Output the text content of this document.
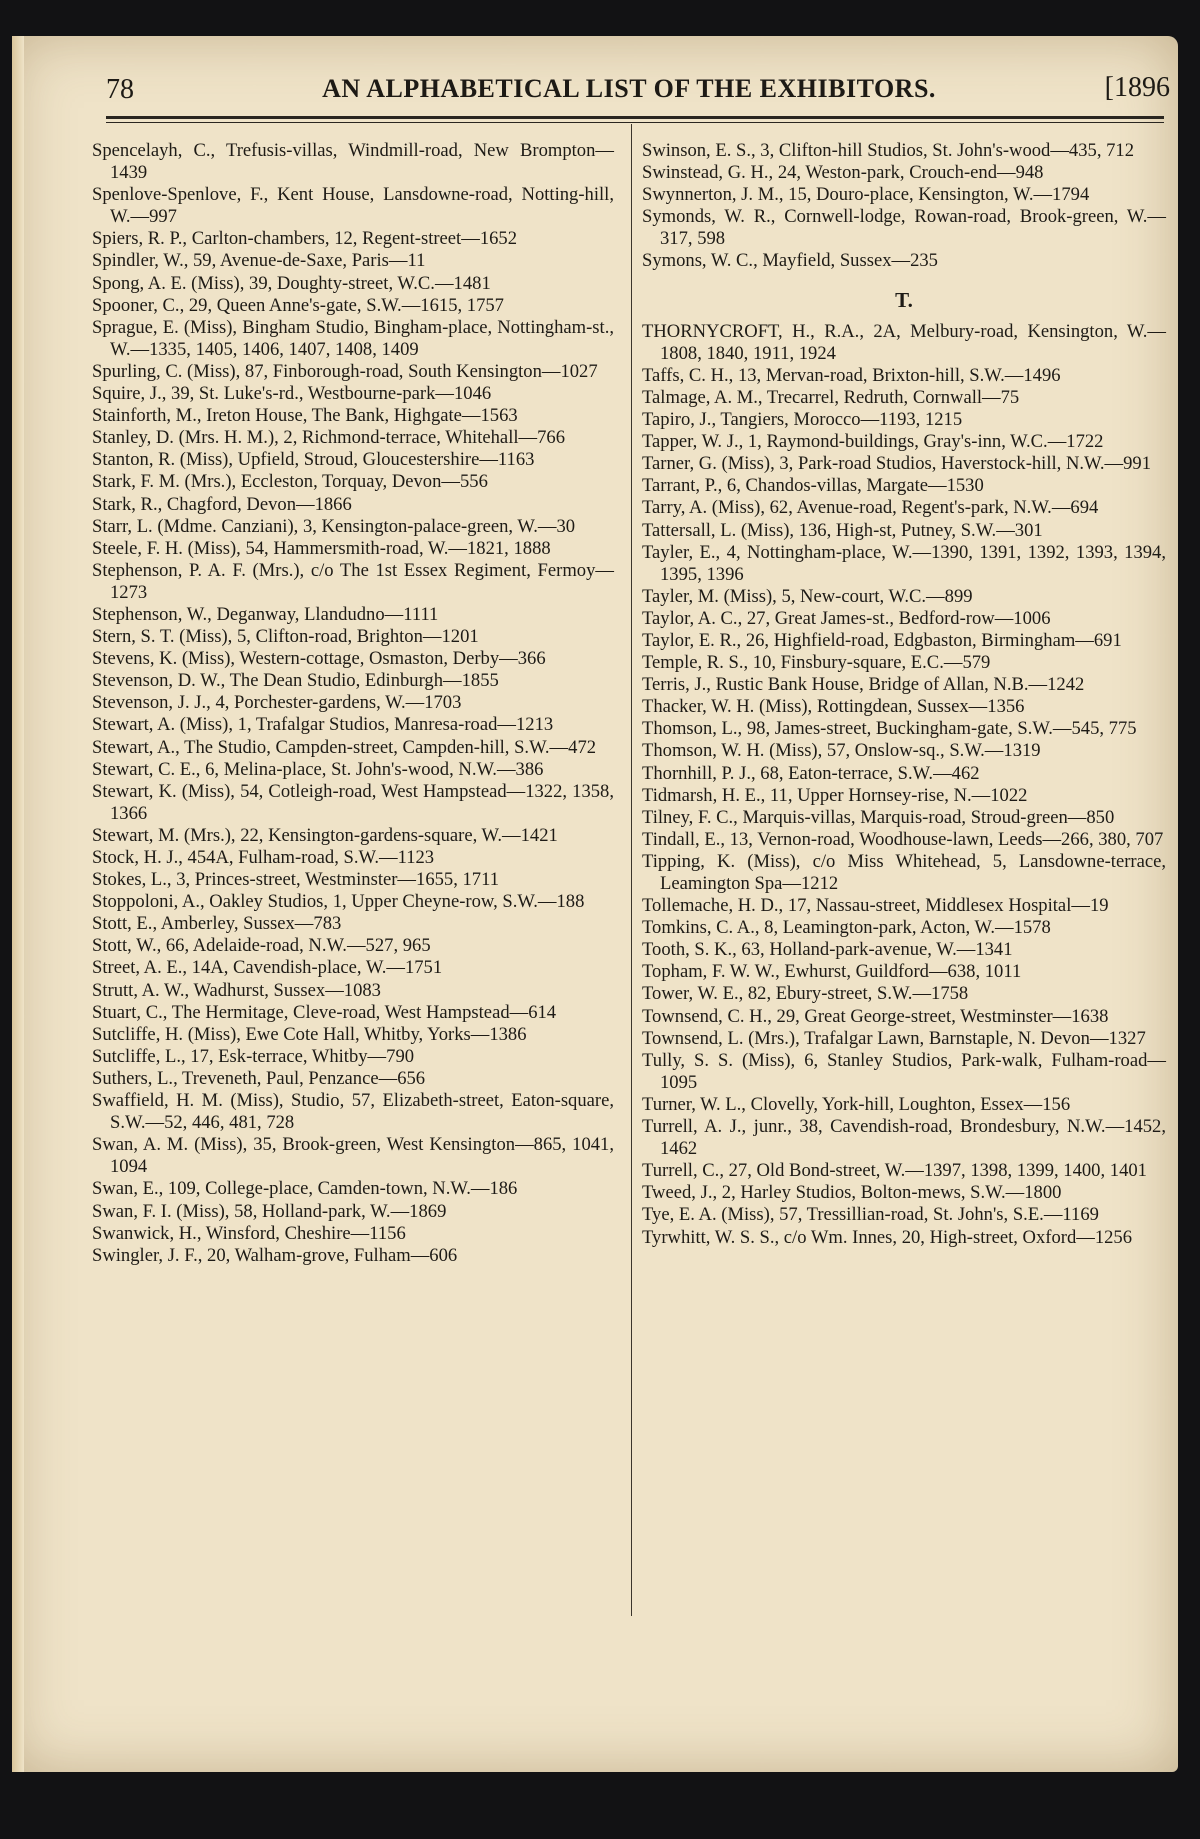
78	AN ALPHABETICAL LIST OF THE EXHIBITORS.	[1896
Spencelayh, C., Trefusis-villas, Windmill-road, New Brompton—1439
Spenlove-Spenlove, F., Kent House, Lansdowne-road, Notting-hill, W.—997
Spiers, R. P., Carlton-chambers, 12, Regent-street—1652
Spindler, W., 59, Avenue-de-Saxe, Paris—11
Spong, A. E. (Miss), 39, Doughty-street, W.C.—1481
Spooner, C., 29, Queen Anne's-gate, S.W.—1615, 1757
Sprague, E. (Miss), Bingham Studio, Bingham-place, Nottingham-st., W.—1335, 1405, 1406, 1407, 1408, 1409
Spurling, C. (Miss), 87, Finborough-road, South Kensington—1027
Squire, J., 39, St. Luke's-rd., Westbourne-park—1046
Stainforth, M., Ireton House, The Bank, Highgate—1563
Stanley, D. (Mrs. H. M.), 2, Richmond-terrace, Whitehall—766
Stanton, R. (Miss), Upfield, Stroud, Gloucestershire—1163
Stark, F. M. (Mrs.), Eccleston, Torquay, Devon—556
Stark, R., Chagford, Devon—1866
Starr, L. (Mdme. Canziani), 3, Kensington-palace-green, W.—30
Steele, F. H. (Miss), 54, Hammersmith-road, W.—1821, 1888
Stephenson, P. A. F. (Mrs.), c/o The 1st Essex Regiment, Fermoy—1273
Stephenson, W., Deganway, Llandudno—1111
Stern, S. T. (Miss), 5, Clifton-road, Brighton—1201
Stevens, K. (Miss), Western-cottage, Osmaston, Derby—366
Stevenson, D. W., The Dean Studio, Edinburgh—1855
Stevenson, J. J., 4, Porchester-gardens, W.—1703
Stewart, A. (Miss), 1, Trafalgar Studios, Manresa-road—1213
Stewart, A., The Studio, Campden-street, Campden-hill, S.W.—472
Stewart, C. E., 6, Melina-place, St. John's-wood, N.W.—386
Stewart, K. (Miss), 54, Cotleigh-road, West Hampstead—1322, 1358, 1366
Stewart, M. (Mrs.), 22, Kensington-gardens-square, W.—1421
Stock, H. J., 454A, Fulham-road, S.W.—1123
Stokes, L., 3, Princes-street, Westminster—1655, 1711
Stoppoloni, A., Oakley Studios, 1, Upper Cheyne-row, S.W.—188
Stott, E., Amberley, Sussex—783
Stott, W., 66, Adelaide-road, N.W.—527, 965
Street, A. E., 14A, Cavendish-place, W.—1751
Strutt, A. W., Wadhurst, Sussex—1083
Stuart, C., The Hermitage, Cleve-road, West Hampstead—614
Sutcliffe, H. (Miss), Ewe Cote Hall, Whitby, Yorks—1386
Sutcliffe, L., 17, Esk-terrace, Whitby—790
Suthers, L., Treveneth, Paul, Penzance—656
Swaffield, H. M. (Miss), Studio, 57, Elizabeth-street, Eaton-square, S.W.—52, 446, 481, 728
Swan, A. M. (Miss), 35, Brook-green, West Kensington—865, 1041, 1094
Swan, E., 109, College-place, Camden-town, N.W.—186
Swan, F. I. (Miss), 58, Holland-park, W.—1869
Swanwick, H., Winsford, Cheshire—1156
Swingler, J. F., 20, Walham-grove, Fulham—606
Swinson, E. S., 3, Clifton-hill Studios, St. John's-wood—435, 712
Swinstead, G. H., 24, Weston-park, Crouch-end—948
Swynnerton, J. M., 15, Douro-place, Kensington, W.—1794
Symonds, W. R., Cornwell-lodge, Rowan-road, Brook-green, W.—317, 598
Symons, W. C., Mayfield, Sussex—235
T.
THORNYCROFT, H., R.A., 2A, Melbury-road, Kensington, W.—1808, 1840, 1911, 1924
Taffs, C. H., 13, Mervan-road, Brixton-hill, S.W.—1496
Talmage, A. M., Trecarrel, Redruth, Cornwall—75
Tapiro, J., Tangiers, Morocco—1193, 1215
Tapper, W. J., 1, Raymond-buildings, Gray's-inn, W.C.—1722
Tarner, G. (Miss), 3, Park-road Studios, Haverstock-hill, N.W.—991
Tarrant, P., 6, Chandos-villas, Margate—1530
Tarry, A. (Miss), 62, Avenue-road, Regent's-park, N.W.—694
Tattersall, L. (Miss), 136, High-st, Putney, S.W.—301
Tayler, E., 4, Nottingham-place, W.—1390, 1391, 1392, 1393, 1394, 1395, 1396
Tayler, M. (Miss), 5, New-court, W.C.—899
Taylor, A. C., 27, Great James-st., Bedford-row—1006
Taylor, E. R., 26, Highfield-road, Edgbaston, Birmingham—691
Temple, R. S., 10, Finsbury-square, E.C.—579
Terris, J., Rustic Bank House, Bridge of Allan, N.B.—1242
Thacker, W. H. (Miss), Rottingdean, Sussex—1356
Thomson, L., 98, James-street, Buckingham-gate, S.W.—545, 775
Thomson, W. H. (Miss), 57, Onslow-sq., S.W.—1319
Thornhill, P. J., 68, Eaton-terrace, S.W.—462
Tidmarsh, H. E., 11, Upper Hornsey-rise, N.—1022
Tilney, F. C., Marquis-villas, Marquis-road, Stroud-green—850
Tindall, E., 13, Vernon-road, Woodhouse-lawn, Leeds—266, 380, 707
Tipping, K. (Miss), c/o Miss Whitehead, 5, Lansdowne-terrace, Leamington Spa—1212
Tollemache, H. D., 17, Nassau-street, Middlesex Hospital—19
Tomkins, C. A., 8, Leamington-park, Acton, W.—1578
Tooth, S. K., 63, Holland-park-avenue, W.—1341
Topham, F. W. W., Ewhurst, Guildford—638, 1011
Tower, W. E., 82, Ebury-street, S.W.—1758
Townsend, C. H., 29, Great George-street, Westminster—1638
Townsend, L. (Mrs.), Trafalgar Lawn, Barnstaple, N. Devon—1327
Tully, S. S. (Miss), 6, Stanley Studios, Park-walk, Fulham-road—1095
Turner, W. L., Clovelly, York-hill, Loughton, Essex—156
Turrell, A. J., junr., 38, Cavendish-road, Brondesbury, N.W.—1452, 1462
Turrell, C., 27, Old Bond-street, W.—1397, 1398, 1399, 1400, 1401
Tweed, J., 2, Harley Studios, Bolton-mews, S.W.—1800
Tye, E. A. (Miss), 57, Tressillian-road, St. John's, S.E.—1169
Tyrwhitt, W. S. S., c/o Wm. Innes, 20, High-street, Oxford—1256
